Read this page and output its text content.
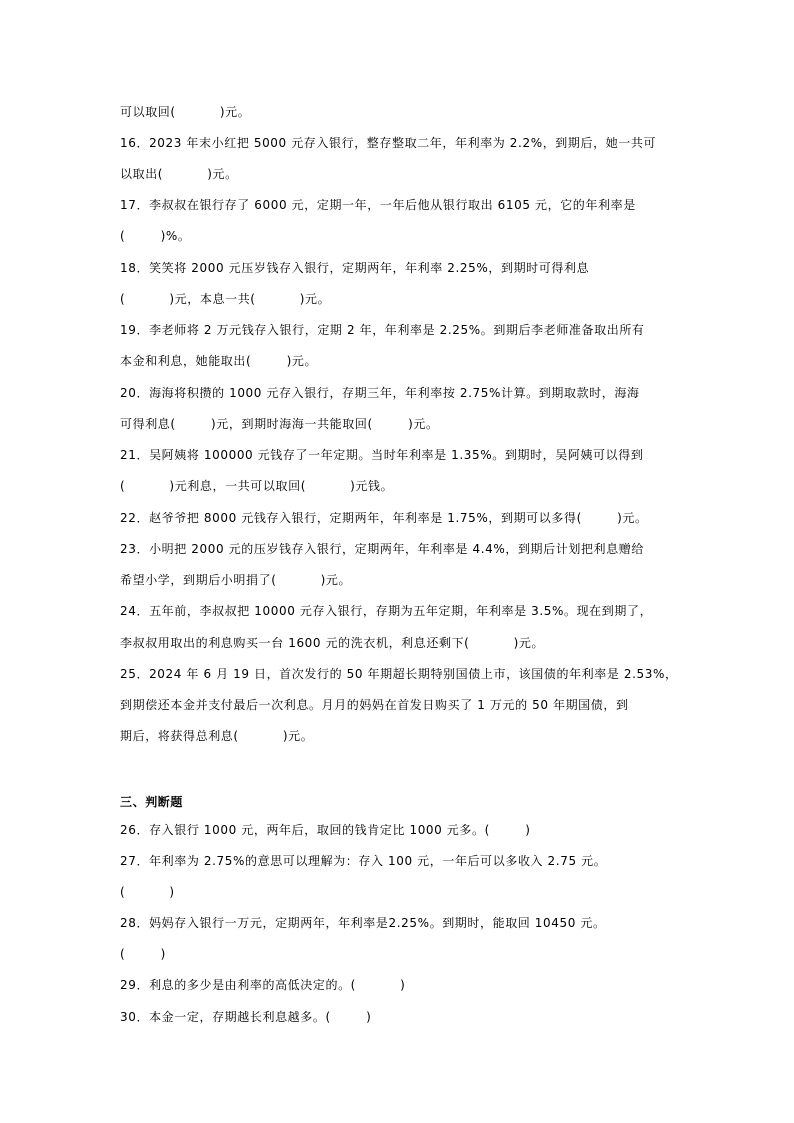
可以取回(          )元。
16．2023 年末小红把 5000 元存入银行，整存整取二年，年利率为 2.2%，到期后，她一共可
以取出(          )元。
17．李叔叔在银行存了 6000 元，定期一年，一年后他从银行取出 6105 元，它的年利率是
(        )%。
18．笑笑将 2000 元压岁钱存入银行，定期两年，年利率 2.25%，到期时可得利息
(          )元，本息一共(          )元。
19．李老师将 2 万元钱存入银行，定期 2 年，年利率是 2.25%。到期后李老师准备取出所有
本金和利息，她能取出(        )元。
20．海海将积攒的 1000 元存入银行，存期三年，年利率按 2.75%计算。到期取款时，海海
可得利息(        )元，到期时海海一共能取回(        )元。
21．吴阿姨将 100000 元钱存了一年定期。当时年利率是 1.35%。到期时，吴阿姨可以得到
(          )元利息，一共可以取回(          )元钱。
22．赵爷爷把 8000 元钱存入银行，定期两年，年利率是 1.75%，到期可以多得(        )元。
23．小明把 2000 元的压岁钱存入银行，定期两年，年利率是 4.4%，到期后计划把利息赠给
希望小学，到期后小明捐了(          )元。
24．五年前，李叔叔把 10000 元存入银行，存期为五年定期，年利率是 3.5%。现在到期了，
李叔叔用取出的利息购买一台 1600 元的洗衣机，利息还剩下(          )元。
25．2024 年 6 月 19 日，首次发行的 50 年期超长期特别国债上市，该国债的年利率是 2.53%，
到期偿还本金并支付最后一次利息。月月的妈妈在首发日购买了 1 万元的 50 年期国债，到
期后，将获得总利息(          )元。
三、判断题
26．存入银行 1000 元，两年后，取回的钱肯定比 1000 元多。(        )
27．年利率为 2.75%的意思可以理解为：存入 100 元，一年后可以多收入 2.75 元。
(          )
28．妈妈存入银行一万元，定期两年，年利率是2.25%。到期时，能取回 10450 元。
(        )
29．利息的多少是由利率的高低决定的。(          )
30．本金一定，存期越长利息越多。(        )
